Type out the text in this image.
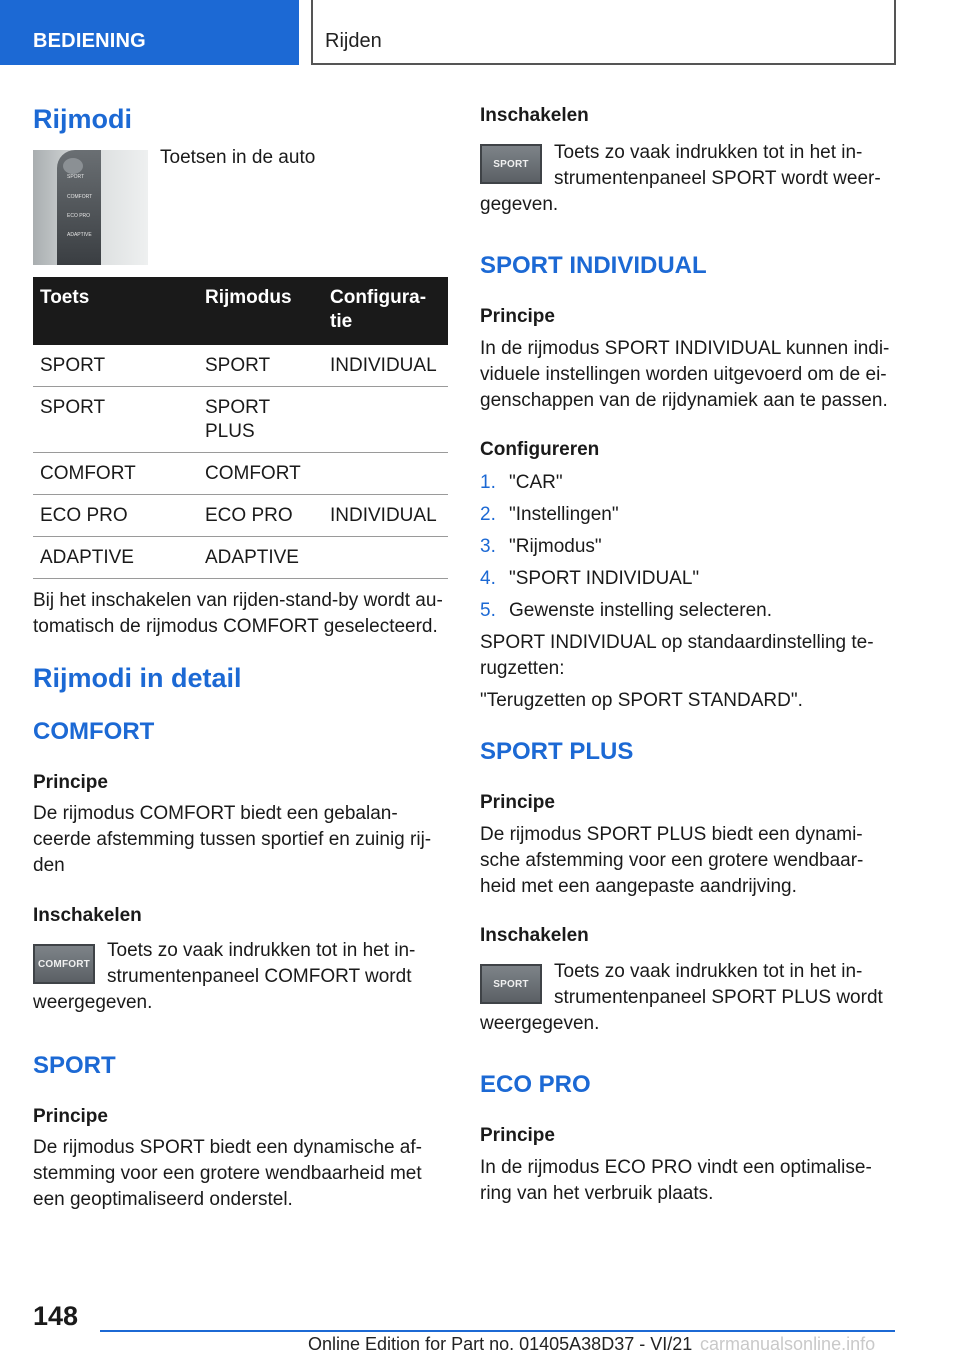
BEDIENING	Rijden
Rijmodi
SPORT
COMFORT
ECO PRO
ADAPTIVE
Toetsen in de auto
Toets	Rijmodus	Configura-
tie
SPORT	SPORT	INDIVIDUAL
SPORT	SPORT
PLUS	
COMFORT	COMFORT	
ECO PRO	ECO PRO	INDIVIDUAL
ADAPTIVE	ADAPTIVE	
Bij het inschakelen van rijden-stand-by wordt au-
tomatisch de rijmodus COMFORT geselecteerd.
Rijmodi in detail
COMFORT
Principe
De rijmodus COMFORT biedt een gebalan-
ceerde afstemming tussen sportief en zuinig rij-
den
Inschakelen
COMFORT
Toets zo vaak indrukken tot in het in-
strumentenpaneel COMFORT wordt
weergegeven.
SPORT
Principe
De rijmodus SPORT biedt een dynamische af-
stemming voor een grotere wendbaarheid met
een geoptimaliseerd onderstel.
Inschakelen
SPORT
Toets zo vaak indrukken tot in het in-
strumentenpaneel SPORT wordt weer-
gegeven.
SPORT INDIVIDUAL
Principe
In de rijmodus SPORT INDIVIDUAL kunnen indi-
viduele instellingen worden uitgevoerd om de ei-
genschappen van de rijdynamiek aan te passen.
Configureren
1. "CAR"
2. "Instellingen"
3. "Rijmodus"
4. "SPORT INDIVIDUAL"
5. Gewenste instelling selecteren.
SPORT INDIVIDUAL op standaardinstelling te-
rugzetten:
"Terugzetten op SPORT STANDARD".
SPORT PLUS
Principe
De rijmodus SPORT PLUS biedt een dynami-
sche afstemming voor een grotere wendbaar-
heid met een aangepaste aandrijving.
Inschakelen
SPORT
Toets zo vaak indrukken tot in het in-
strumentenpaneel SPORT PLUS wordt
weergegeven.
ECO PRO
Principe
In de rijmodus ECO PRO vindt een optimalise-
ring van het verbruik plaats.
148
Online Edition for Part no. 01405A38D37 - VI/21 carmanualsonline.info
